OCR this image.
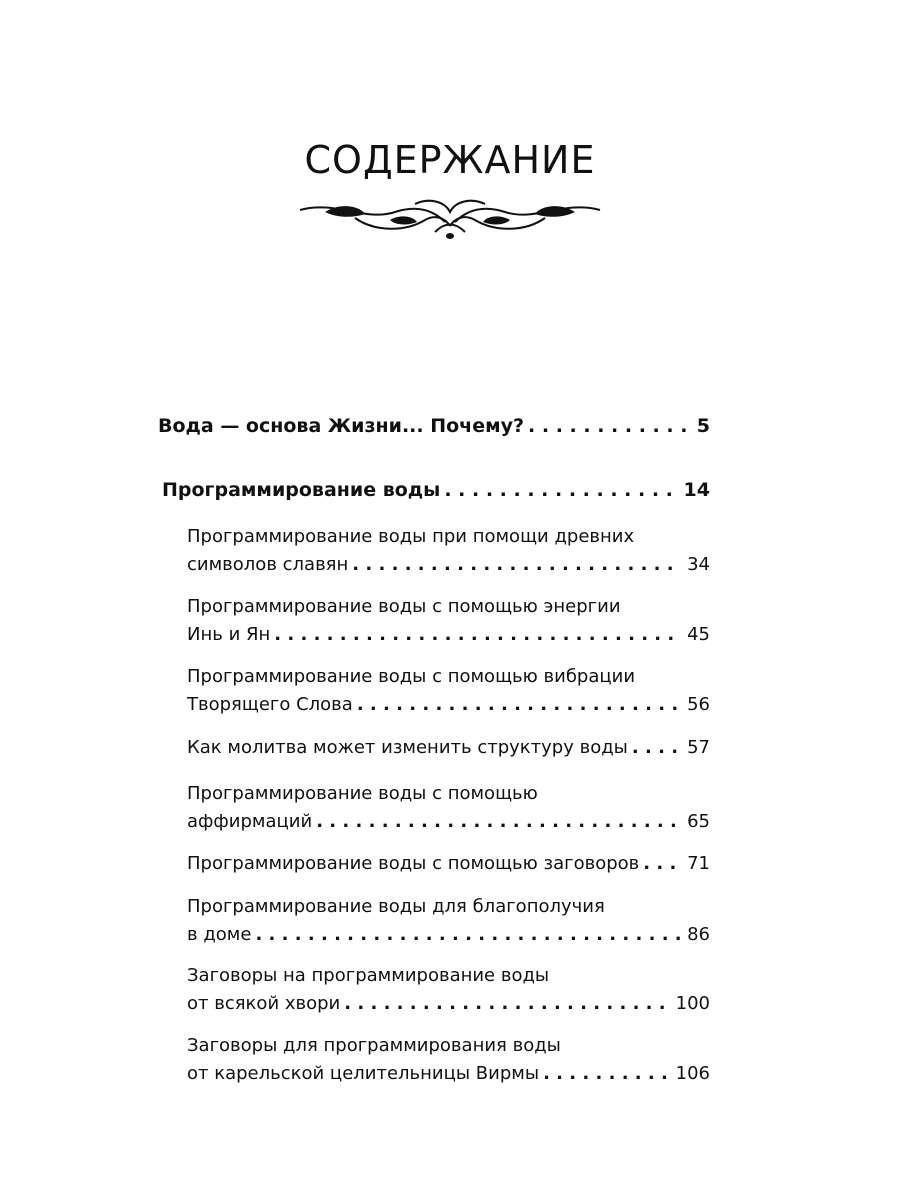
СОДЕРЖАНИЕ
Вода — основа Жизни... Почему? . . .	5
Программирование воды . . .	14
Программирование воды при помощи древних
символов славян . . .	34
Программирование воды с помощью энергии
Инь и Ян . . .	45
Программирование воды с помощью вибрации
Творящего Слова . . .	56
Как молитва может изменить структуру воды . . .	57
Программирование воды с помощью
аффирмаций . . .	65
Программирование воды с помощью заговоров . . .	71
Программирование воды для благополучия
в доме . . .	86
Заговоры на программирование воды
от всякой хвори . . .	100
Заговоры для программирования воды
от карельской целительницы Вирмы . . .	106
